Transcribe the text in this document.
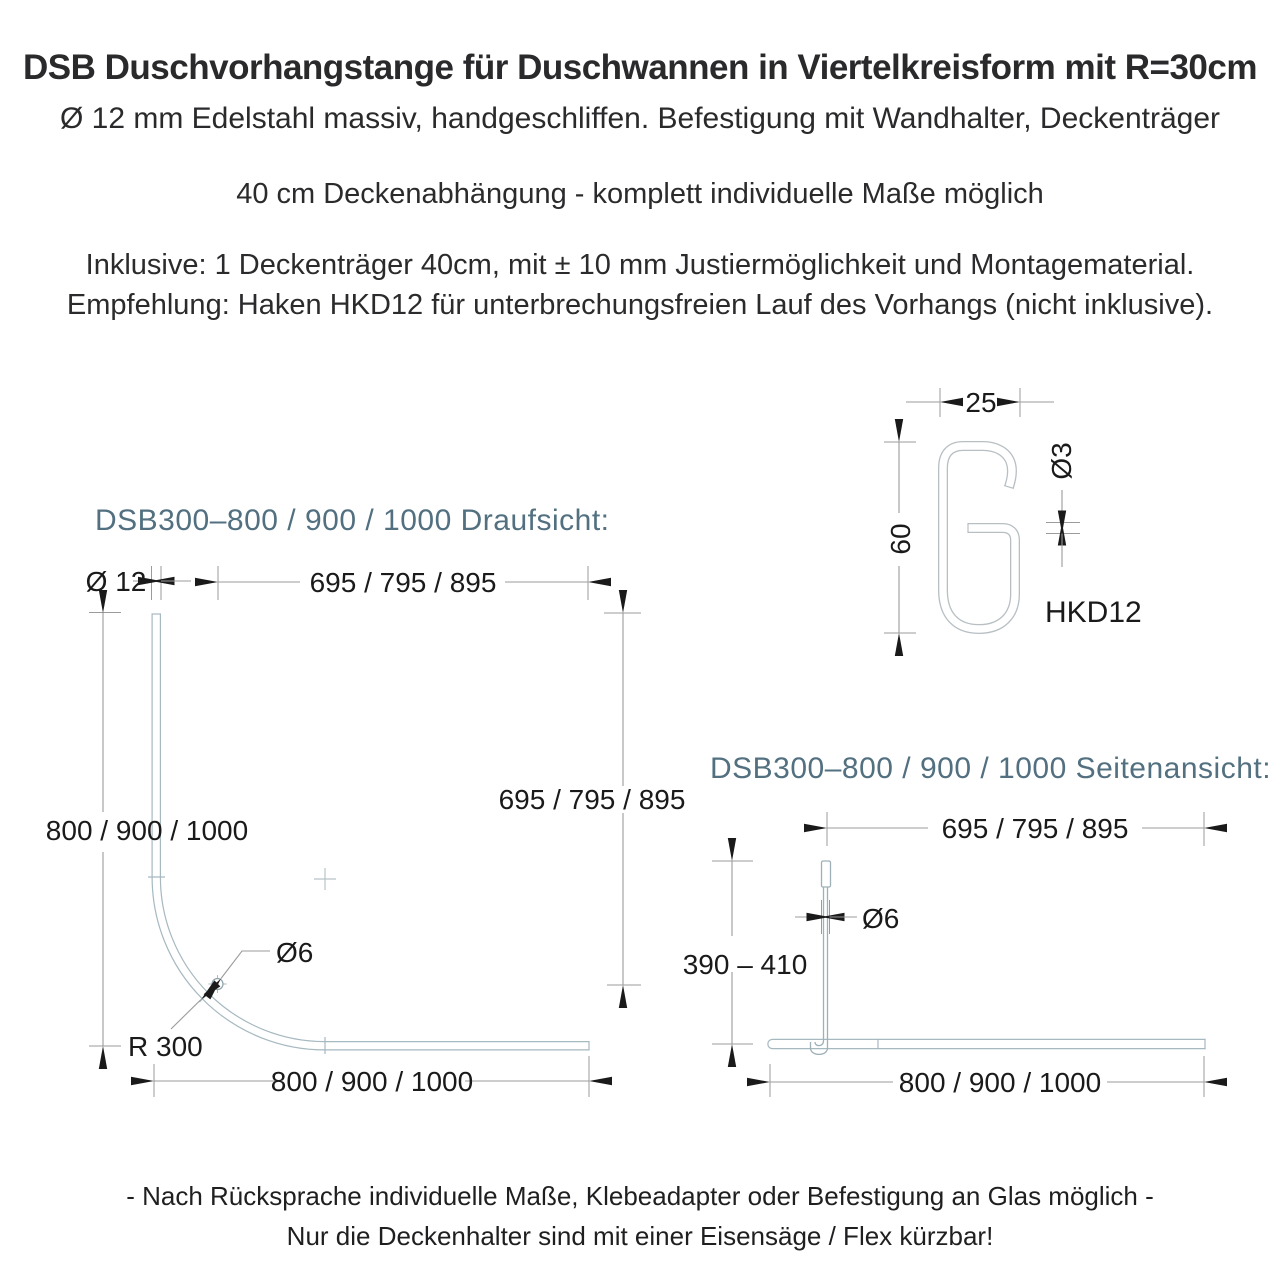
DSB Duschvorhangstange für Duschwannen in Viertelkreisform mit R=30cm
Ø 12 mm Edelstahl massiv, handgeschliffen. Befestigung mit Wandhalter, Deckenträger
40 cm Deckenabhängung - komplett individuelle Maße möglich
Inklusive: 1 Deckenträger 40cm, mit ± 10 mm Justiermöglichkeit und Montagematerial.
Empfehlung: Haken HKD12 für unterbrechungsfreien Lauf des Vorhangs (nicht inklusive).
DSB300–800 / 900 / 1000 Draufsicht:
DSB300–800 / 900 / 1000 Seitenansicht:
Ø 12	695 / 795 / 895
800 / 900 / 1000
695 / 795 / 895
800 / 900 / 1000
Ø6
R 300
695 / 795 / 895
390 – 410
Ø6
800 / 900 / 1000
25
60
Ø3
HKD12
- Nach Rücksprache individuelle Maße, Klebeadapter oder Befestigung an Glas möglich -
Nur die Deckenhalter sind mit einer Eisensäge / Flex kürzbar!
